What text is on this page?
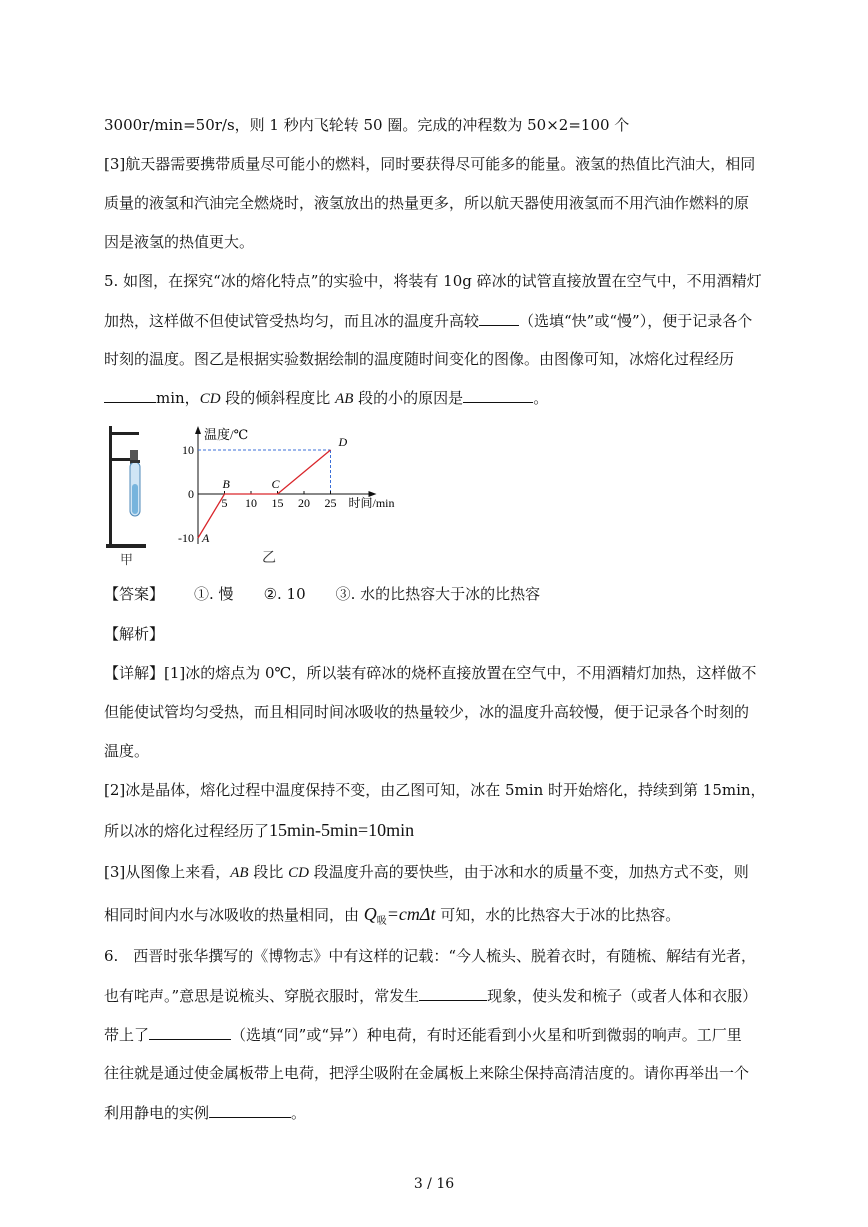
3000r/min=50r/s，则 1 秒内飞轮转 50 圈。完成的冲程数为 50×2=100 个
[3]航天器需要携带质量尽可能小的燃料，同时要获得尽可能多的能量。液氢的热值比汽油大，相同
质量的液氢和汽油完全燃烧时，液氢放出的热量更多，所以航天器使用液氢而不用汽油作燃料的原
因是液氢的热值更大。
5. 如图，在探究“冰的熔化特点”的实验中，将装有 10g 碎冰的试管直接放置在空气中，不用酒精灯
加热，这样做不但使试管受热均匀，而且冰的温度升高较	（选填“快”或“慢”），便于记录各个
时刻的温度。图乙是根据实验数据绘制的温度随时间变化的图像。由图像可知，冰熔化过程经历
min，CD 段的倾斜程度比 AB 段的小的原因是	。
甲
5 10 15 20 25
10
0
-10 A
B	C
D
温度/℃
时间/min
乙
【答案】 ①. 慢 ②. 10 ③. 水的比热容大于冰的比热容
【解析】
【详解】[1]冰的熔点为 0℃，所以装有碎冰的烧杯直接放置在空气中，不用酒精灯加热，这样做不
但能使试管均匀受热，而且相同时间冰吸收的热量较少，冰的温度升高较慢，便于记录各个时刻的
温度。
[2]冰是晶体，熔化过程中温度保持不变，由乙图可知，冰在 5min 时开始熔化，持续到第 15min，
所以冰的熔化过程经历了15min-5min=10min
[3]从图像上来看，AB 段比 CD 段温度升高的要快些，由于冰和水的质量不变，加热方式不变，则
相同时间内水与冰吸收的热量相同，由 $Q_吸=cm\Delta t$ 可知，水的比热容大于冰的比热容。
6.　西晋时张华撰写的《博物志》中有这样的记载：“今人梳头、脱着衣时，有随梳、解结有光者，
也有咤声。”意思是说梳头、穿脱衣服时，常发生	现象，使头发和梳子（或者人体和衣服）
带上了	（选填“同”或“异”）种电荷，有时还能看到小火星和听到微弱的响声。工厂里
往往就是通过使金属板带上电荷，把浮尘吸附在金属板上来除尘保持高清洁度的。请你再举出一个
利用静电的实例	。
3 / 16
